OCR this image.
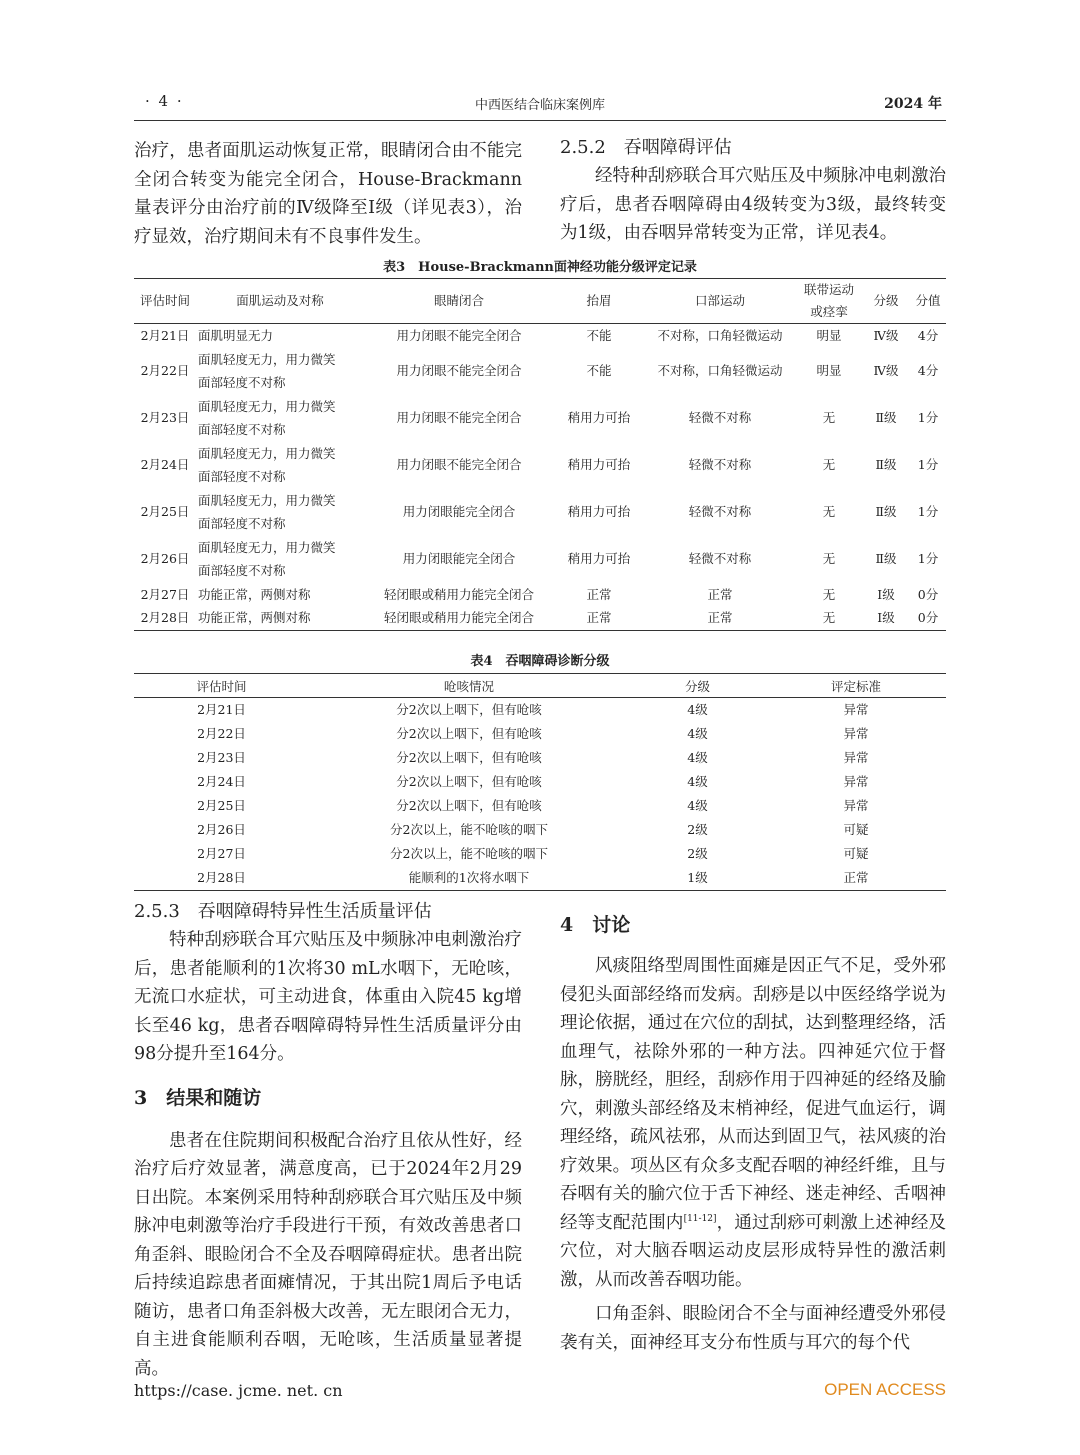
· 4 ·	中西医结合临床案例库	2024 年

治疗，患者面肌运动恢复正常，眼睛闭合由不能完全闭合转变为能完全闭合，House-Brackmann 量表评分由治疗前的Ⅳ级降至Ⅰ级（详见表3），治疗显效，治疗期间未有不良事件发生。

2.5.2　吞咽障碍评估

经特种刮痧联合耳穴贴压及中频脉冲电刺激治疗后，患者吞咽障碍由4级转变为3级，最终转变为1级，由吞咽异常转变为正常，详见表4。

表3　House-Brackmann面神经功能分级评定记录
评估时间	面肌运动及对称	眼睛闭合	抬眉	口部运动	联带运动
或痉挛	分级	分值
2月21日	面肌明显无力	用力闭眼不能完全闭合	不能	不对称，口角轻微运动	明显	Ⅳ级	4分
2月22日	面肌轻度无力，用力微笑
面部轻度不对称	用力闭眼不能完全闭合	不能	不对称，口角轻微运动	明显	Ⅳ级	4分
2月23日	面肌轻度无力，用力微笑
面部轻度不对称	用力闭眼不能完全闭合	稍用力可抬	轻微不对称	无	Ⅱ级	1分
2月24日	面肌轻度无力，用力微笑
面部轻度不对称	用力闭眼不能完全闭合	稍用力可抬	轻微不对称	无	Ⅱ级	1分
2月25日	面肌轻度无力，用力微笑
面部轻度不对称	用力闭眼能完全闭合	稍用力可抬	轻微不对称	无	Ⅱ级	1分
2月26日	面肌轻度无力，用力微笑
面部轻度不对称	用力闭眼能完全闭合	稍用力可抬	轻微不对称	无	Ⅱ级	1分
2月27日	功能正常，两侧对称	轻闭眼或稍用力能完全闭合	正常	正常	无	Ⅰ级	0分
2月28日	功能正常，两侧对称	轻闭眼或稍用力能完全闭合	正常	正常	无	Ⅰ级	0分
表4　吞咽障碍诊断分级
评估时间	呛咳情况	分级	评定标准
2月21日	分2次以上咽下，但有呛咳	4级	异常
2月22日	分2次以上咽下，但有呛咳	4级	异常
2月23日	分2次以上咽下，但有呛咳	4级	异常
2月24日	分2次以上咽下，但有呛咳	4级	异常
2月25日	分2次以上咽下，但有呛咳	4级	异常
2月26日	分2次以上，能不呛咳的咽下	2级	可疑
2月27日	分2次以上，能不呛咳的咽下	2级	可疑
2月28日	能顺利的1次将水咽下	1级	正常
2.5.3　吞咽障碍特异性生活质量评估

特种刮痧联合耳穴贴压及中频脉冲电刺激治疗后，患者能顺利的1次将30 mL水咽下，无呛咳，无流口水症状，可主动进食，体重由入院45 kg增长至46 kg，患者吞咽障碍特异性生活质量评分由98分提升至164分。

3　结果和随访

患者在住院期间积极配合治疗且依从性好，经治疗后疗效显著，满意度高，已于2024年2月29日出院。本案例采用特种刮痧联合耳穴贴压及中频脉冲电刺激等治疗手段进行干预，有效改善患者口角歪斜、眼睑闭合不全及吞咽障碍症状。患者出院后持续追踪患者面瘫情况，于其出院1周后予电话随访，患者口角歪斜极大改善，无左眼闭合无力，自主进食能顺利吞咽，无呛咳，生活质量显著提高。

4　讨论

风痰阻络型周围性面瘫是因正气不足，受外邪侵犯头面部经络而发病。刮痧是以中医经络学说为理论依据，通过在穴位的刮拭，达到整理经络，活血理气，祛除外邪的一种方法。四神延穴位于督脉，膀胱经，胆经，刮痧作用于四神延的经络及腧穴，刺激头部经络及末梢神经，促进气血运行，调理经络，疏风祛邪，从而达到固卫气，祛风痰的治疗效果。项丛区有众多支配吞咽的神经纤维，且与吞咽有关的腧穴位于舌下神经、迷走神经、舌咽神经等支配范围内[11-12]，通过刮痧可刺激上述神经及穴位，对大脑吞咽运动皮层形成特异性的激活刺激，从而改善吞咽功能。

口角歪斜、眼睑闭合不全与面神经遭受外邪侵袭有关，面神经耳支分布性质与耳穴的每个代

https://case. jcme. net. cn	OPEN ACCESS
